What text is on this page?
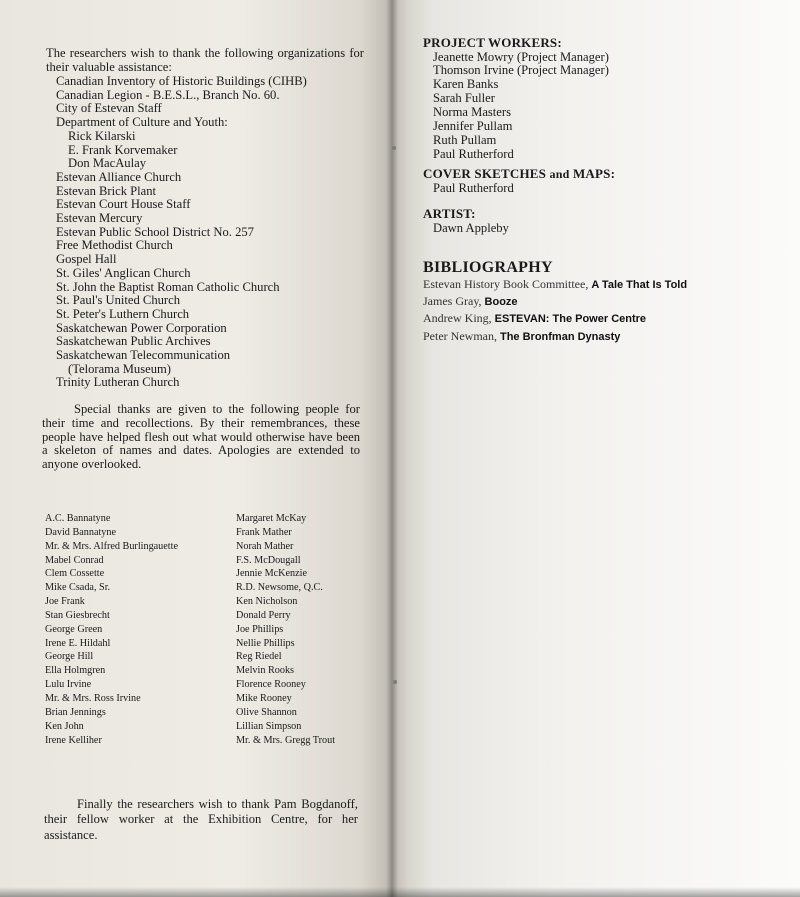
The researchers wish to thank the following organizations for their valuable assistance:

Canadian Inventory of Historic Buildings (CIHB)
Canadian Legion - B.E.S.L., Branch No. 60.
City of Estevan Staff
Department of Culture and Youth:
Rick Kilarski
E. Frank Korvemaker
Don MacAulay
Estevan Alliance Church
Estevan Brick Plant
Estevan Court House Staff
Estevan Mercury
Estevan Public School District No. 257
Free Methodist Church
Gospel Hall
St. Giles' Anglican Church
St. John the Baptist Roman Catholic Church
St. Paul's United Church
St. Peter's Luthern Church
Saskatchewan Power Corporation
Saskatchewan Public Archives
Saskatchewan Telecommunication
(Telorama Museum)
Trinity Lutheran Church

Special thanks are given to the following people for their time and recollections. By their remembrances, these people have helped flesh out what would otherwise have been a skeleton of names and dates. Apologies are extended to anyone overlooked.

A.C. Bannatyne
David Bannatyne
Mr. & Mrs. Alfred Burlingauette
Mabel Conrad
Clem Cossette
Mike Csada, Sr.
Joe Frank
Stan Giesbrecht
George Green
Irene E. Hildahl
George Hill
Ella Holmgren
Lulu Irvine
Mr. & Mrs. Ross Irvine
Brian Jennings
Ken John
Irene Kelliher
Margaret McKay
Frank Mather
Norah Mather
F.S. McDougall
Jennie McKenzie
R.D. Newsome, Q.C.
Ken Nicholson
Donald Perry
Joe Phillips
Nellie Phillips
Reg Riedel
Melvin Rooks
Florence Rooney
Mike Rooney
Olive Shannon
Lillian Simpson
Mr. & Mrs. Gregg Trout

Finally the researchers wish to thank Pam Bogdanoff, their fellow worker at the Exhibition Centre, for her assistance.

PROJECT WORKERS:
Jeanette Mowry (Project Manager)
Thomson Irvine (Project Manager)
Karen Banks
Sarah Fuller
Norma Masters
Jennifer Pullam
Ruth Pullam
Paul Rutherford
COVER SKETCHES and MAPS:
Paul Rutherford
ARTIST:
Dawn Appleby
BIBLIOGRAPHY
Estevan History Book Committee, A Tale That Is Told
James Gray, Booze
Andrew King, ESTEVAN: The Power Centre
Peter Newman, The Bronfman Dynasty
